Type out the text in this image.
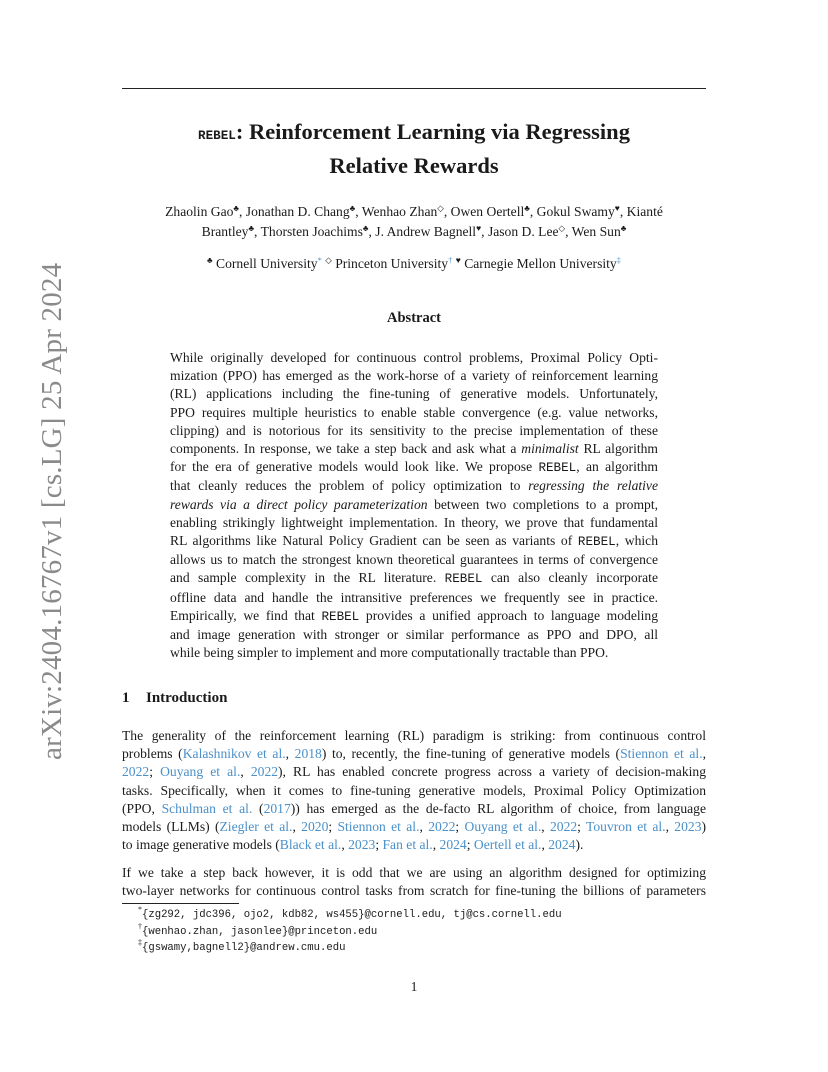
arXiv:2404.16767v1 [cs.LG] 25 Apr 2024
REBEL: Reinforcement Learning via Regressing
Relative Rewards
Zhaolin Gao♣, Jonathan D. Chang♣, Wenhao Zhan◇, Owen Oertell♣, Gokul Swamy♥, Kianté
Brantley♣, Thorsten Joachims♣, J. Andrew Bagnell♥, Jason D. Lee◇, Wen Sun♣
♣ Cornell University* ◇ Princeton University† ♥ Carnegie Mellon University‡
Abstract
While originally developed for continuous control problems, Proximal Policy Opti-
mization (PPO) has emerged as the work-horse of a variety of reinforcement learning
(RL) applications including the fine-tuning of generative models. Unfortunately,
PPO requires multiple heuristics to enable stable convergence (e.g. value networks,
clipping) and is notorious for its sensitivity to the precise implementation of these
components. In response, we take a step back and ask what a minimalist RL algorithm
for the era of generative models would look like. We propose REBEL, an algorithm
that cleanly reduces the problem of policy optimization to regressing the relative
rewards via a direct policy parameterization between two completions to a prompt,
enabling strikingly lightweight implementation. In theory, we prove that fundamental
RL algorithms like Natural Policy Gradient can be seen as variants of REBEL, which
allows us to match the strongest known theoretical guarantees in terms of convergence
and sample complexity in the RL literature. REBEL can also cleanly incorporate
offline data and handle the intransitive preferences we frequently see in practice.
Empirically, we find that REBEL provides a unified approach to language modeling
and image generation with stronger or similar performance as PPO and DPO, all
while being simpler to implement and more computationally tractable than PPO.
1 Introduction
The generality of the reinforcement learning (RL) paradigm is striking: from continuous control
problems (Kalashnikov et al., 2018) to, recently, the fine-tuning of generative models (Stiennon et al.,
2022; Ouyang et al., 2022), RL has enabled concrete progress across a variety of decision-making
tasks. Specifically, when it comes to fine-tuning generative models, Proximal Policy Optimization
(PPO, Schulman et al. (2017)) has emerged as the de-facto RL algorithm of choice, from language
models (LLMs) (Ziegler et al., 2020; Stiennon et al., 2022; Ouyang et al., 2022; Touvron et al., 2023)
to image generative models (Black et al., 2023; Fan et al., 2024; Oertell et al., 2024).
If we take a step back however, it is odd that we are using an algorithm designed for optimizing
two-layer networks for continuous control tasks from scratch for fine-tuning the billions of parameters
*{zg292, jdc396, ojo2, kdb82, ws455}@cornell.edu, tj@cs.cornell.edu
†{wenhao.zhan, jasonlee}@princeton.edu
‡{gswamy,bagnell2}@andrew.cmu.edu
1
